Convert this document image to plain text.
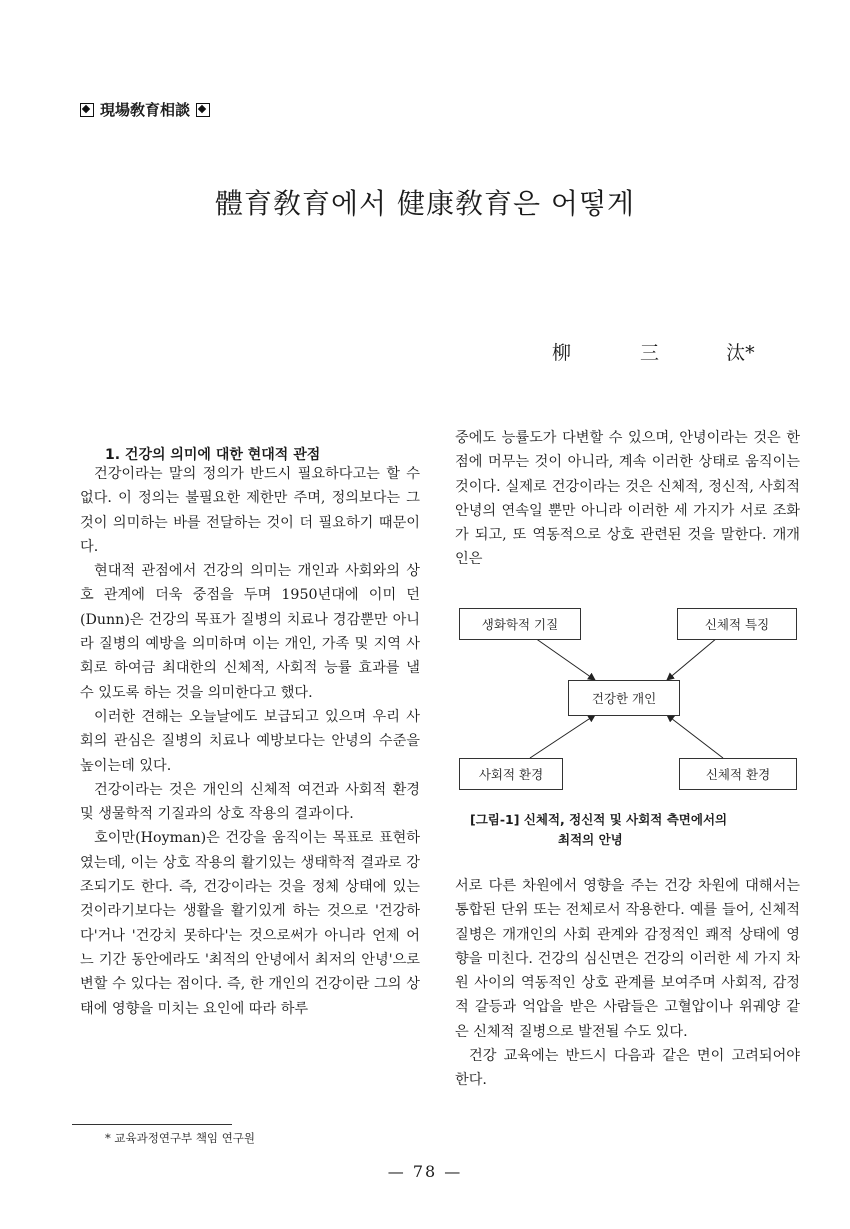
現場敎育相談
體育敎育에서 健康敎育은 어떻게
柳	三	汰*
1. 건강의 의미에 대한 현대적 관점

건강이라는 말의 정의가 반드시 필요하다고는 할 수 없다. 이 정의는 불필요한 제한만 주며, 정의보다는 그것이 의미하는 바를 전달하는 것이 더 필요하기 때문이다.

현대적 관점에서 건강의 의미는 개인과 사회와의 상호 관계에 더욱 중점을 두며 1950년대에 이미 던(Dunn)은 건강의 목표가 질병의 치료나 경감뿐만 아니라 질병의 예방을 의미하며 이는 개인, 가족 및 지역 사회로 하여금 최대한의 신체적, 사회적 능률 효과를 낼 수 있도록 하는 것을 의미한다고 했다.

이러한 견해는 오늘날에도 보급되고 있으며 우리 사회의 관심은 질병의 치료나 예방보다는 안녕의 수준을 높이는데 있다.

건강이라는 것은 개인의 신체적 여건과 사회적 환경 및 생물학적 기질과의 상호 작용의 결과이다.

호이만(Hoyman)은 건강을 움직이는 목표로 표현하였는데, 이는 상호 작용의 활기있는 생태학적 결과로 강조되기도 한다. 즉, 건강이라는 것을 정체 상태에 있는 것이라기보다는 생활을 활기있게 하는 것으로 '건강하다'거나 '건강치 못하다'는 것으로써가 아니라 언제 어느 기간 동안에라도 '최적의 안녕에서 최저의 안녕'으로 변할 수 있다는 점이다. 즉, 한 개인의 건강이란 그의 상태에 영향을 미치는 요인에 따라 하루

중에도 능률도가 다변할 수 있으며, 안녕이라는 것은 한 점에 머무는 것이 아니라, 계속 이러한 상태로 움직이는 것이다. 실제로 건강이라는 것은 신체적, 정신적, 사회적 안녕의 연속일 뿐만 아니라 이러한 세 가지가 서로 조화가 되고, 또 역동적으로 상호 관련된 것을 말한다. 개개인은

생화학적 기질	신체적 특징
건강한 개인
사회적 환경	신체적 환경
[그림-1] 신체적, 정신적 및 사회적 측면에서의
최적의 안녕

서로 다른 차원에서 영향을 주는 건강 차원에 대해서는 통합된 단위 또는 전체로서 작용한다. 예를 들어, 신체적 질병은 개개인의 사회 관계와 감정적인 쾌적 상태에 영향을 미친다. 건강의 심신면은 건강의 이러한 세 가지 차원 사이의 역동적인 상호 관계를 보여주며 사회적, 감정적 갈등과 억압을 받은 사람들은 고혈압이나 위궤양 같은 신체적 질병으로 발전될 수도 있다.

건강 교육에는 반드시 다음과 같은 면이 고려되어야 한다.

* 교육과정연구부 책임 연구원
— 78 —
